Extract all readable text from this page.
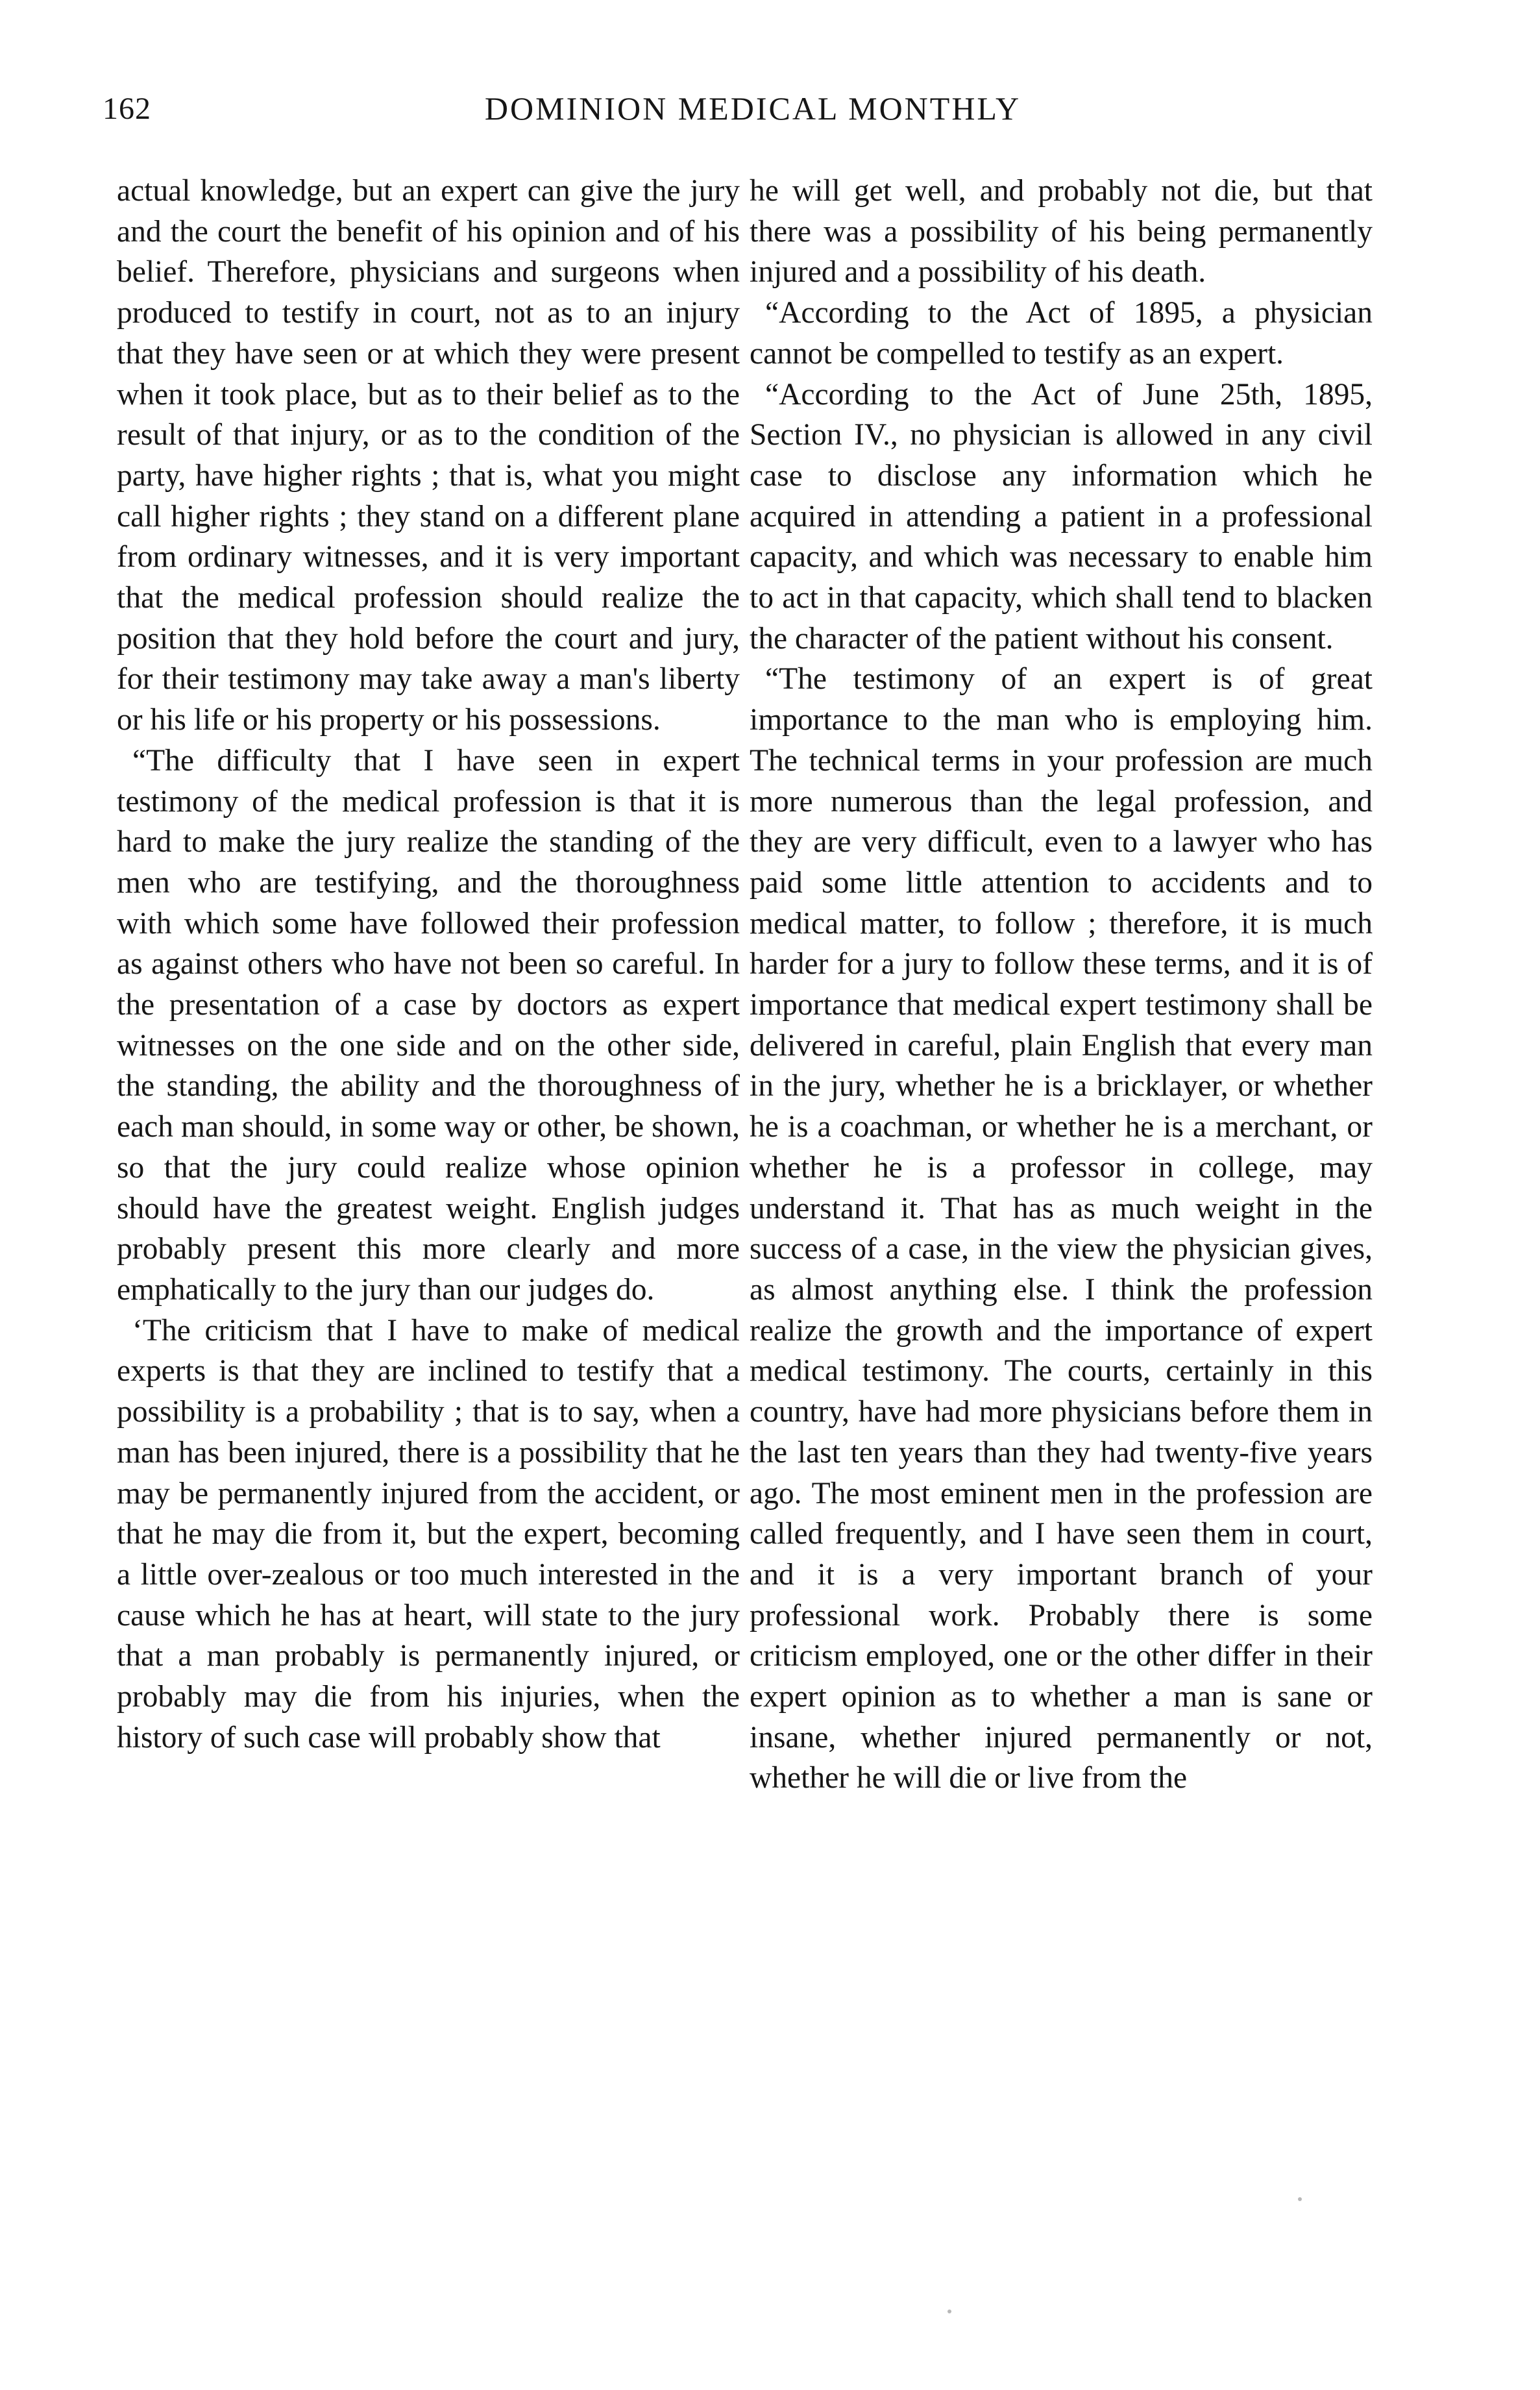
162	DOMINION MEDICAL MONTHLY

actual knowledge, but an expert can give the jury and the court the benefit of his opinion and of his belief. Therefore, physicians and surgeons when produced to testify in court, not as to an injury that they have seen or at which they were present when it took place, but as to their belief as to the result of that injury, or as to the condition of the party, have higher rights ; that is, what you might call higher rights ; they stand on a different plane from ordinary witnesses, and it is very important that the medical profession should realize the position that they hold before the court and jury, for their testimony may take away a man's liberty or his life or his property or his possessions.

“The difficulty that I have seen in expert testimony of the medical profession is that it is hard to make the jury realize the standing of the men who are testifying, and the thoroughness with which some have followed their profession as against others who have not been so careful. In the presentation of a case by doctors as expert witnesses on the one side and on the other side, the standing, the ability and the thoroughness of each man should, in some way or other, be shown, so that the jury could realize whose opinion should have the greatest weight. English judges probably present this more clearly and more emphatically to the jury than our judges do.

‘The criticism that I have to make of medical experts is that they are inclined to testify that a possibility is a probability ; that is to say, when a man has been injured, there is a possibility that he may be permanently injured from the accident, or that he may die from it, but the expert, becoming a little over-zealous or too much interested in the cause which he has at heart, will state to the jury that a man probably is permanently injured, or probably may die from his injuries, when the history of such case will probably show that

he will get well, and probably not die, but that there was a possibility of his being permanently injured and a possibility of his death.

“According to the Act of 1895, a physician cannot be compelled to testify as an expert.

“According to the Act of June 25th, 1895, Section IV., no physician is allowed in any civil case to disclose any information which he acquired in attending a patient in a professional capacity, and which was necessary to enable him to act in that capacity, which shall tend to blacken the character of the patient without his consent.

“The testimony of an expert is of great importance to the man who is employing him. The technical terms in your profession are much more numerous than the legal profession, and they are very difficult, even to a lawyer who has paid some little attention to accidents and to medical matter, to follow ; therefore, it is much harder for a jury to follow these terms, and it is of importance that medical expert testimony shall be delivered in careful, plain English that every man in the jury, whether he is a bricklayer, or whether he is a coachman, or whether he is a merchant, or whether he is a professor in college, may understand it. That has as much weight in the success of a case, in the view the physician gives, as almost anything else. I think the profession realize the growth and the importance of expert medical testimony. The courts, certainly in this country, have had more physicians before them in the last ten years than they had twenty-five years ago. The most eminent men in the profession are called frequently, and I have seen them in court, and it is a very important branch of your professional work. Probably there is some criticism employed, one or the other differ in their expert opinion as to whether a man is sane or insane, whether injured permanently or not, whether he will die or live from the
